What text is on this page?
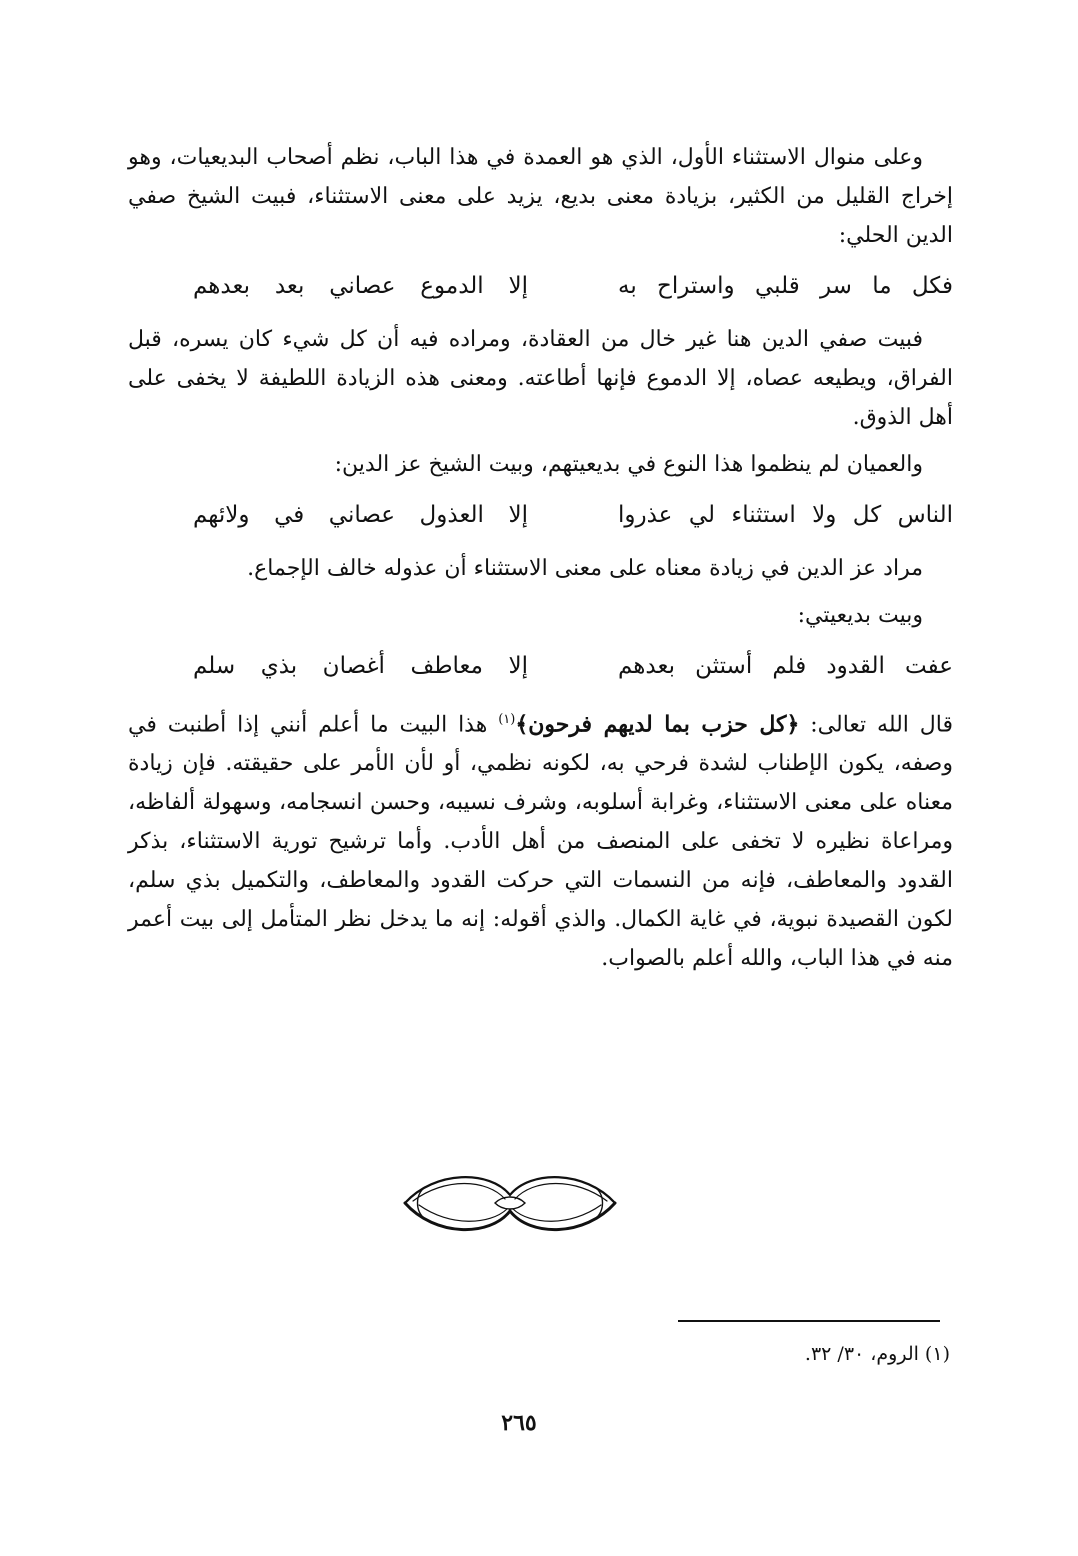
وعلى منوال الاستثناء الأول، الذي هو العمدة في هذا الباب، نظم أصحاب البديعيات، وهو إخراج القليل من الكثير، بزيادة معنى بديع، يزيد على معنى الاستثناء، فبيت الشيخ صفي الدين الحلي:

فكل ما سر قلبي واستراح به
إلا الدموع عصاني بعد بعدهم

فبيت صفي الدين هنا غير خال من العقادة، ومراده فيه أن كل شيء كان يسره، قبل الفراق، ويطيعه عصاه، إلا الدموع فإنها أطاعته. ومعنى هذه الزيادة اللطيفة لا يخفى على أهل الذوق.

والعميان لم ينظموا هذا النوع في بديعيتهم، وبيت الشيخ عز الدين:

الناس كل ولا استثناء لي عذروا
إلا العذول عصاني في ولائهم

مراد عز الدين في زيادة معناه على معنى الاستثناء أن عذوله خالف الإجماع.

وبيت بديعيتي:

عفت القدود فلم أستثن بعدهم
إلا معاطف أغصان بذي سلم

قال الله تعالى: ﴿كل حزب بما لديهم فرحون﴾$^{(١)}$ هذا البيت ما أعلم أنني إذا أطنبت في وصفه، يكون الإطناب لشدة فرحي به، لكونه نظمي، أو لأن الأمر على حقيقته. فإن زيادة معناه على معنى الاستثناء، وغرابة أسلوبه، وشرف نسيبه، وحسن انسجامه، وسهولة ألفاظه، ومراعاة نظيره لا تخفى على المنصف من أهل الأدب. وأما ترشيح تورية الاستثناء، بذكر القدود والمعاطف، فإنه من النسمات التي حركت القدود والمعاطف، والتكميل بذي سلم، لكون القصيدة نبوية، في غاية الكمال. والذي أقوله: إنه ما يدخل نظر المتأمل إلى بيت أعمر منه في هذا الباب، والله أعلم بالصواب.

(١) الروم، ٣٠/ ٣٢.
٢٦٥
